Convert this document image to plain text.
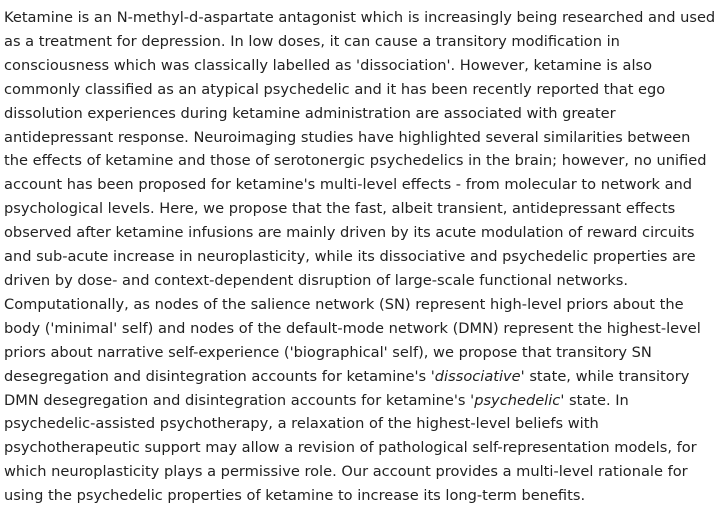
Ketamine is an N-methyl-d-aspartate antagonist which is increasingly being researched and used as a treatment for depression. In low doses, it can cause a transitory modification in consciousness which was classically labelled as 'dissociation'. However, ketamine is also commonly classified as an atypical psychedelic and it has been recently reported that ego dissolution experiences during ketamine administration are associated with greater antidepressant response. Neuroimaging studies have highlighted several similarities between the effects of ketamine and those of serotonergic psychedelics in the brain; however, no unified account has been proposed for ketamine's multi-level effects - from molecular to network and psychological levels. Here, we propose that the fast, albeit transient, antidepressant effects observed after ketamine infusions are mainly driven by its acute modulation of reward circuits and sub-acute increase in neuroplasticity, while its dissociative and psychedelic properties are driven by dose- and context-dependent disruption of large-scale functional networks. Computationally, as nodes of the salience network (SN) represent high-level priors about the body ('minimal' self) and nodes of the default-mode network (DMN) represent the highest-level priors about narrative self-experience ('biographical' self), we propose that transitory SN desegregation and disintegration accounts for ketamine's 'dissociative' state, while transitory DMN desegregation and disintegration accounts for ketamine's 'psychedelic' state. In psychedelic-assisted psychotherapy, a relaxation of the highest-level beliefs with psychotherapeutic support may allow a revision of pathological self-representation models, for which neuroplasticity plays a permissive role. Our account provides a multi-level rationale for using the psychedelic properties of ketamine to increase its long-term benefits.
